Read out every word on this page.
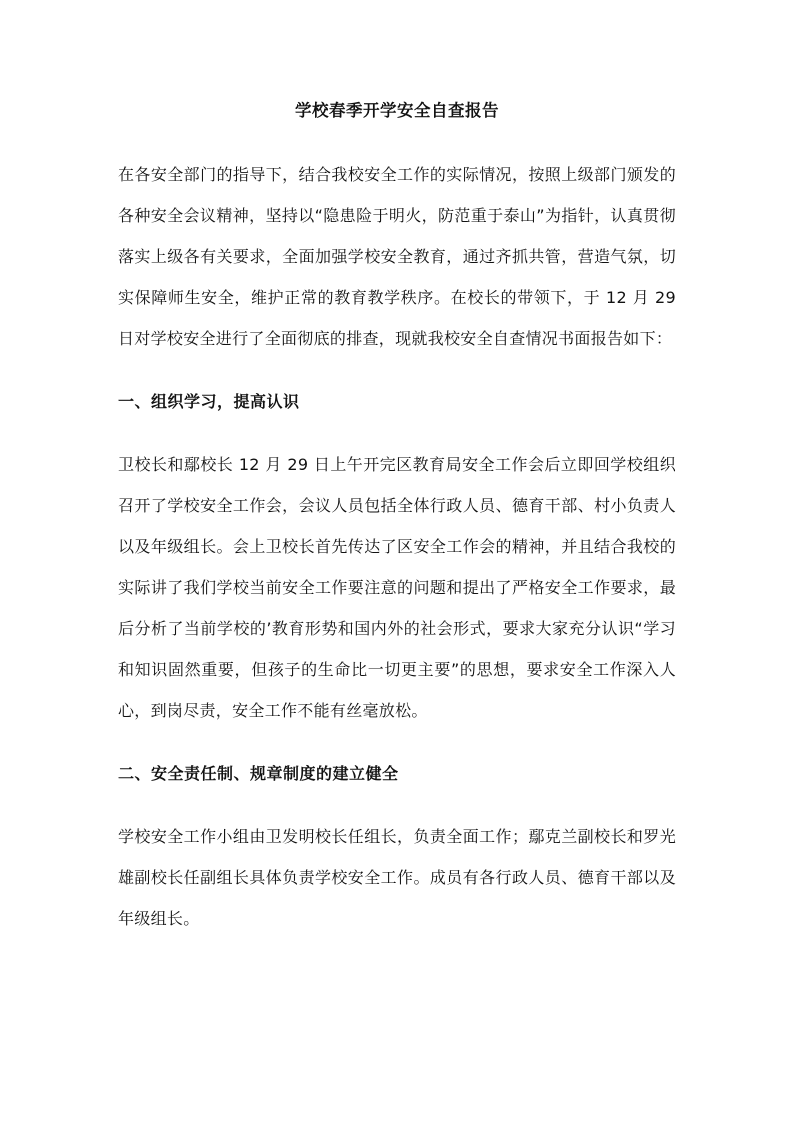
学校春季开学安全自查报告

在各安全部门的指导下，结合我校安全工作的实际情况，按照上级部门颁发的各种安全会议精神，坚持以“隐患险于明火，防范重于泰山”为指针，认真贯彻落实上级各有关要求，全面加强学校安全教育，通过齐抓共管，营造气氛，切实保障师生安全，维护正常的教育教学秩序。在校长的带领下，于 12 月 29 日对学校安全进行了全面彻底的排查，现就我校安全自查情况书面报告如下：

一、组织学习，提高认识

卫校长和鄢校长 12 月 29 日上午开完区教育局安全工作会后立即回学校组织召开了学校安全工作会，会议人员包括全体行政人员、德育干部、村小负责人以及年级组长。会上卫校长首先传达了区安全工作会的精神，并且结合我校的实际讲了我们学校当前安全工作要注意的问题和提出了严格安全工作要求，最后分析了当前学校的’教育形势和国内外的社会形式，要求大家充分认识“学习和知识固然重要，但孩子的生命比一切更主要”的思想，要求安全工作深入人心，到岗尽责，安全工作不能有丝毫放松。

二、安全责任制、规章制度的建立健全

学校安全工作小组由卫发明校长任组长，负责全面工作；鄢克兰副校长和罗光雄副校长任副组长具体负责学校安全工作。成员有各行政人员、德育干部以及年级组长。
